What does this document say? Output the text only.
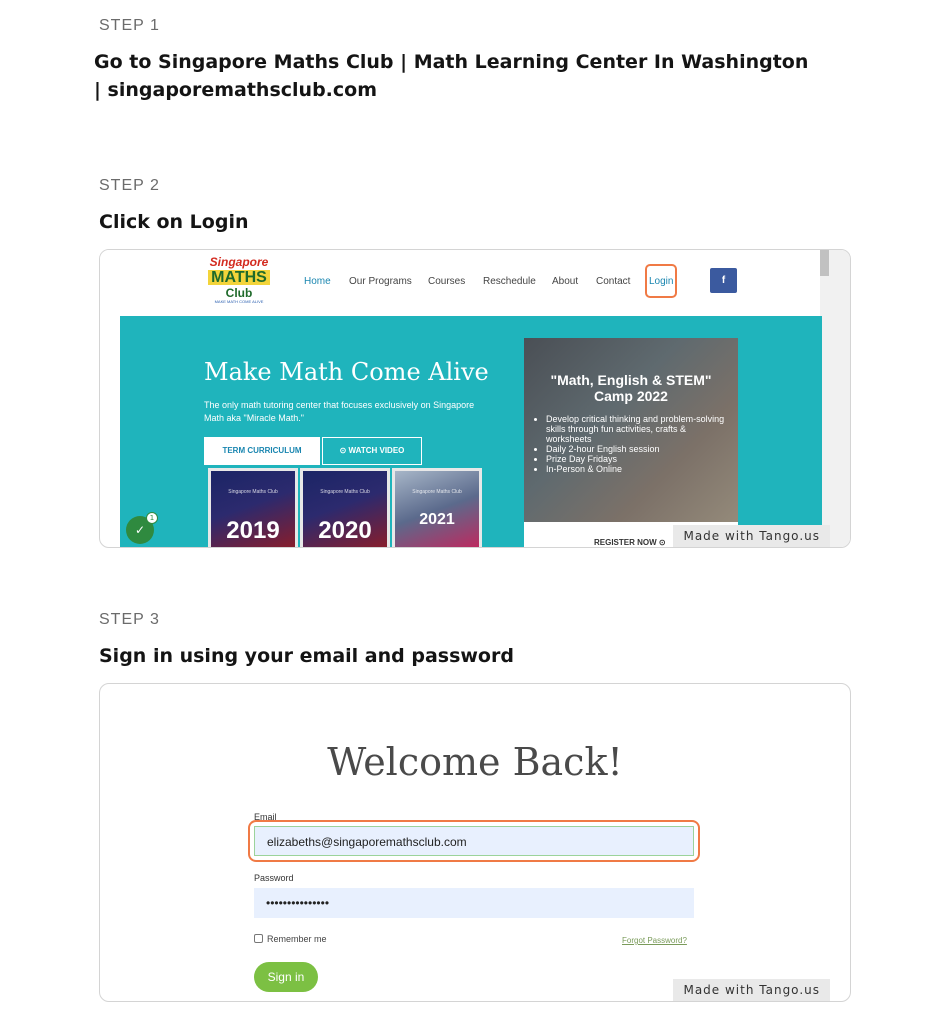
STEP 1
Go to Singapore Maths Club | Math Learning Center In Washington
| singaporemathsclub.com
STEP 2
Click on Login
Singapore
MATHS
Club
MAKE MATH COME ALIVE
Home Our Programs Courses Reschedule About Contact Login	f
Make Math Come Alive
The only math tutoring center that focuses exclusively on Singapore Math aka "Miracle Math."
TERM CURRICULUM	⊙ WATCH VIDEO
Singapore Maths Club
2019
Singapore Maths Club
2020
Singapore Maths Club
2021
"Math, English & STEM"
Camp 2022
• Develop critical thinking and problem-solving skills through fun activities, crafts & worksheets
• Daily 2-hour English session
• Prize Day Fridays
• In-Person & Online
REGISTER NOW ⊙
✓
1
Made with Tango.us
STEP 3
Sign in using your email and password
Welcome Back!
Email
elizabeths@singaporemathsclub.com
Password
•••••••••••••••
Remember me	Forgot Password?
Sign in
Made with Tango.us
